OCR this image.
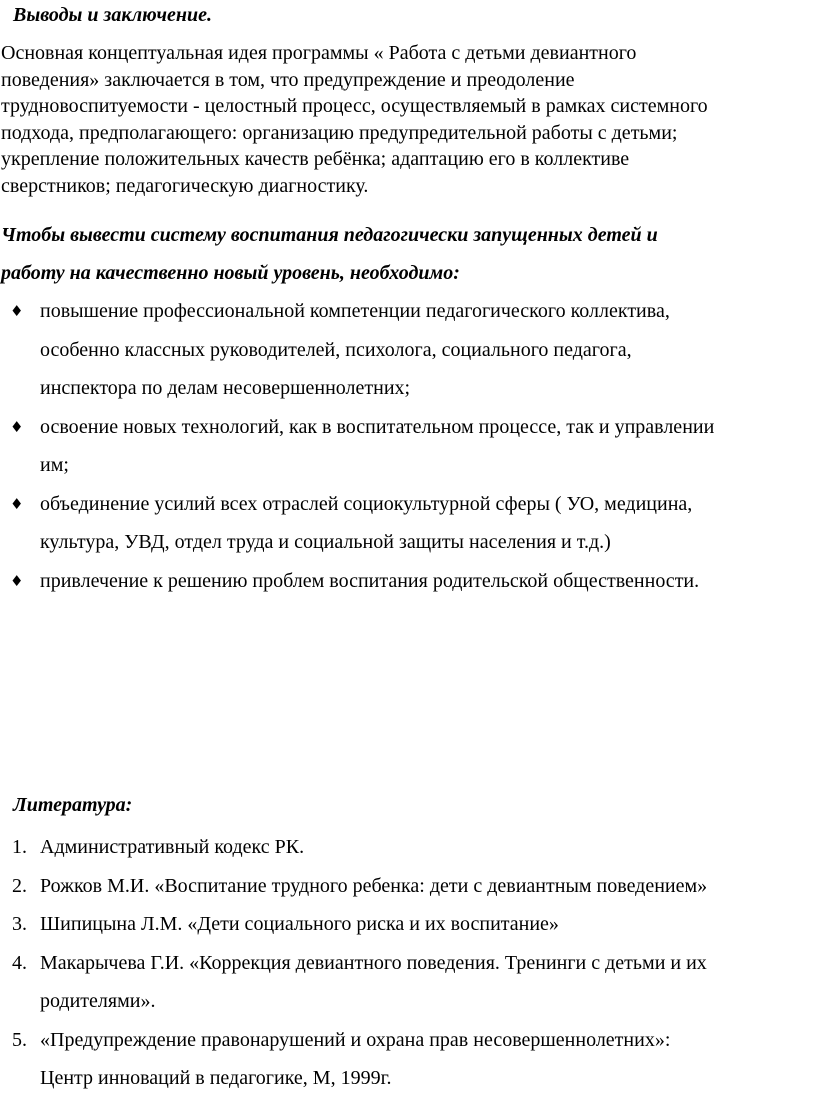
Выводы и заключение.

Основная концептуальная идея программы « Работа с детьми девиантного
поведения» заключается в том, что предупреждение и преодоление
трудновоспитуемости - целостный процесс, осуществляемый в рамках системного
подхода, предполагающего: организацию предупредительной работы с детьми;
укрепление положительных качеств ребёнка; адаптацию его в коллективе
сверстников; педагогическую диагностику.

Чтобы вывести систему воспитания педагогически запущенных детей и
работу на качественно новый уровень, необходимо:

♦ повышение профессиональной компетенции педагогического коллектива,
особенно классных руководителей, психолога, социального педагога,
инспектора по делам несовершеннолетних;
♦ освоение новых технологий, как в воспитательном процессе, так и управлении
им;
♦ объединение усилий всех отраслей социокультурной сферы ( УО, медицина,
культура, УВД, отдел труда и социальной защиты населения и т.д.)
♦ привлечение к решению проблем воспитания родительской общественности.
Литература:
1. Административный кодекс РК.
2. Рожков М.И. «Воспитание трудного ребенка: дети с девиантным поведением»
3. Шипицына Л.М. «Дети социального риска и их воспитание»
4. Макарычева Г.И. «Коррекция девиантного поведения. Тренинги с детьми и их
родителями».
5. «Предупреждение правонарушений и охрана прав несовершеннолетних»:
Центр инноваций в педагогике, М, 1999г.
